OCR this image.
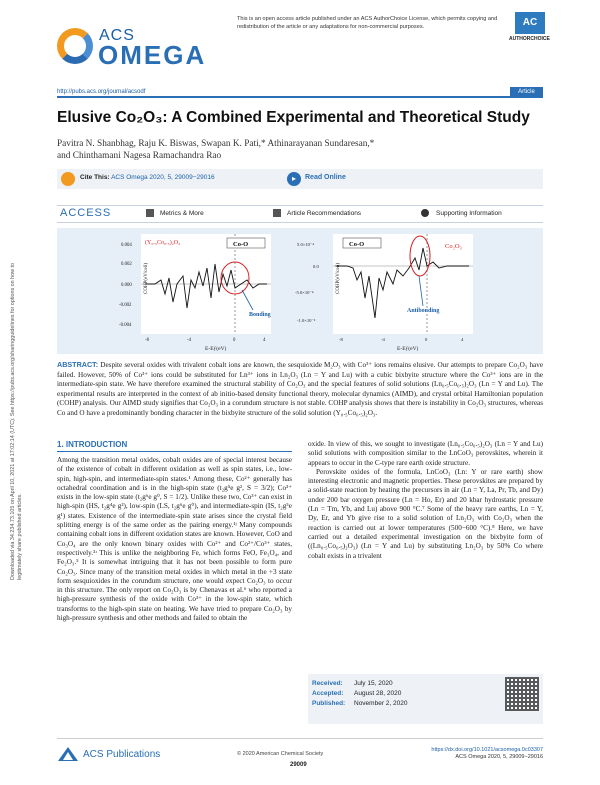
ACS
OMEGA
This is an open access article published under an ACS AuthorChoice License, which permits copying and redistribution of the article or any adaptations for non-commercial purposes.	AC
AUTHORCHOICE
http://pubs.acs.org/journal/acsodf	Article
Elusive Co₂O₃: A Combined Experimental and Theoretical Study
Pavitra N. Shanbhag, Raju K. Biswas, Swapan K. Pati,* Athinarayanan Sundaresan,*
and Chinthamani Nagesa Ramachandra Rao
Cite This: ACS Omega 2020, 5, 29009−29016	▸	Read Online
ACCESS	Metrics & More	Article Recommendations	Supporting Information
(Y₀.₅Co₀.₅)₂O₃	Co-O
Bonding
E-Eƒ(eV)
COHP(eV/cell)
0.004
0.002
0.000
-0.002
-0.004
-8	-4	0	4
Co₂O₃
Co-O
Antibonding
E-Eƒ(eV)
COHP(eV/cell)
5.0×10⁻⁴
0.0
-5.0×10⁻⁴
-1.0×10⁻³
-8	-4	0	4
ABSTRACT: Despite several oxides with trivalent cobalt ions are known, the sesquioxide M₂O₃ with Co³⁺ ions remains elusive. Our attempts to prepare Co₂O₃ have failed. However, 50% of Co³⁺ ions could be substituted for Ln³⁺ ions in Ln₂O₃ (Ln = Y and Lu) with a cubic bixbyite structure where the Co³⁺ ions are in the intermediate-spin state. We have therefore examined the structural stability of Co₂O₃ and the special features of solid solutions (Ln₀.₅Co₀.₅)₂O₃ (Ln = Y and Lu). The experimental results are interpreted in the context of ab initio-based density functional theory, molecular dynamics (AIMD), and crystal orbital Hamiltonian population (COHP) analysis. Our AIMD study signifies that Co₂O₃ in a corundum structure is not stable. COHP analysis shows that there is instability in Co₂O₃ structures, whereas Co and O have a predominantly bonding character in the bixbyite structure of the solid solution (Y₀.₅Co₀.₅)₂O₃.
Downloaded via 34.234.73.105 on April 10, 2021 at 17:02:14 (UTC). See https://pubs.acs.org/sharingguidelines for options on how to legitimately share published articles.
1. INTRODUCTION
Among the transition metal oxides, cobalt oxides are of special interest because of the existence of cobalt in different oxidation as well as spin states, i.e., low-spin, high-spin, and intermediate-spin states.¹ Among these, Co²⁺ generally has octahedral coordination and is in the high-spin state (t₂g⁵e g², S = 3/2); Co³⁺ exists in the low-spin state (t₂g⁶e g⁰, S = 1/2). Unlike these two, Co³⁺ can exist in high-spin (HS, t₂g⁴e g²), low-spin (LS, t₂g⁶e g⁰), and intermediate-spin (IS, t₂g⁵e g¹) states. Existence of the intermediate-spin state arises since the crystal field splitting energy is of the same order as the pairing energy.¹ʲ Many compounds containing cobalt ions in different oxidation states are known. However, CoO and Co₃O₄ are the only known binary oxides with Co²⁺ and Co²⁺/Co³⁺ states, respectively.³ʴ This is unlike the neighboring Fe, which forms FeO, Fe₃O₄, and Fe₂O₃.⁵ It is somewhat intriguing that it has not been possible to form pure Co₂O₃. Since many of the transition metal oxides in which metal in the +3 state form sesquioxides in the corundum structure, one would expect Co₂O₃ to occur in this structure. The only report on Co₂O₃ is by Chenavas et al.⁶ who reported a high-pressure synthesis of the oxide with Co³⁺ in the low-spin state, which transforms to the high-spin state on heating. We have tried to prepare Co₂O₃ by high-pressure synthesis and other methods and failed to obtain the

oxide. In view of this, we sought to investigate (Ln₀.₅Co₀.₅)₂O₃ (Ln = Y and Lu) solid solutions with composition similar to the LnCoO₃ perovskites, wherein it appears to occur in the C-type rare earth oxide structure.

Perovskite oxides of the formula, LnCoO₃ (Ln: Y or rare earth) show interesting electronic and magnetic properties. These perovskites are prepared by a solid-state reaction by heating the precursors in air (Ln = Y, La, Pr, Tb, and Dy) under 200 bar oxygen pressure (Ln = Ho, Er) and 20 kbar hydrostatic pressure (Ln = Tm, Yb, and Lu) above 900 °C.⁷ Some of the heavy rare earths, Ln = Y, Dy, Er, and Yb give rise to a solid solution of Ln₂O₃ with Co₂O₃ when the reaction is carried out at lower temperatures (500−600 °C).⁸ Here, we have carried out a detailed experimental investigation on the bixbyite form of ((Ln₀.₅Co₀.₅)₂O₃) (Ln = Y and Lu) by substituting Ln₂O₃ by 50% Co where cobalt exists in a trivalent

Received: July 15, 2020
Accepted: August 28, 2020
Published: November 2, 2020
ACS Publications	© 2020 American Chemical Society
29009
https://dx.doi.org/10.1021/acsomega.0c03307
ACS Omega 2020, 5, 29009−29016
